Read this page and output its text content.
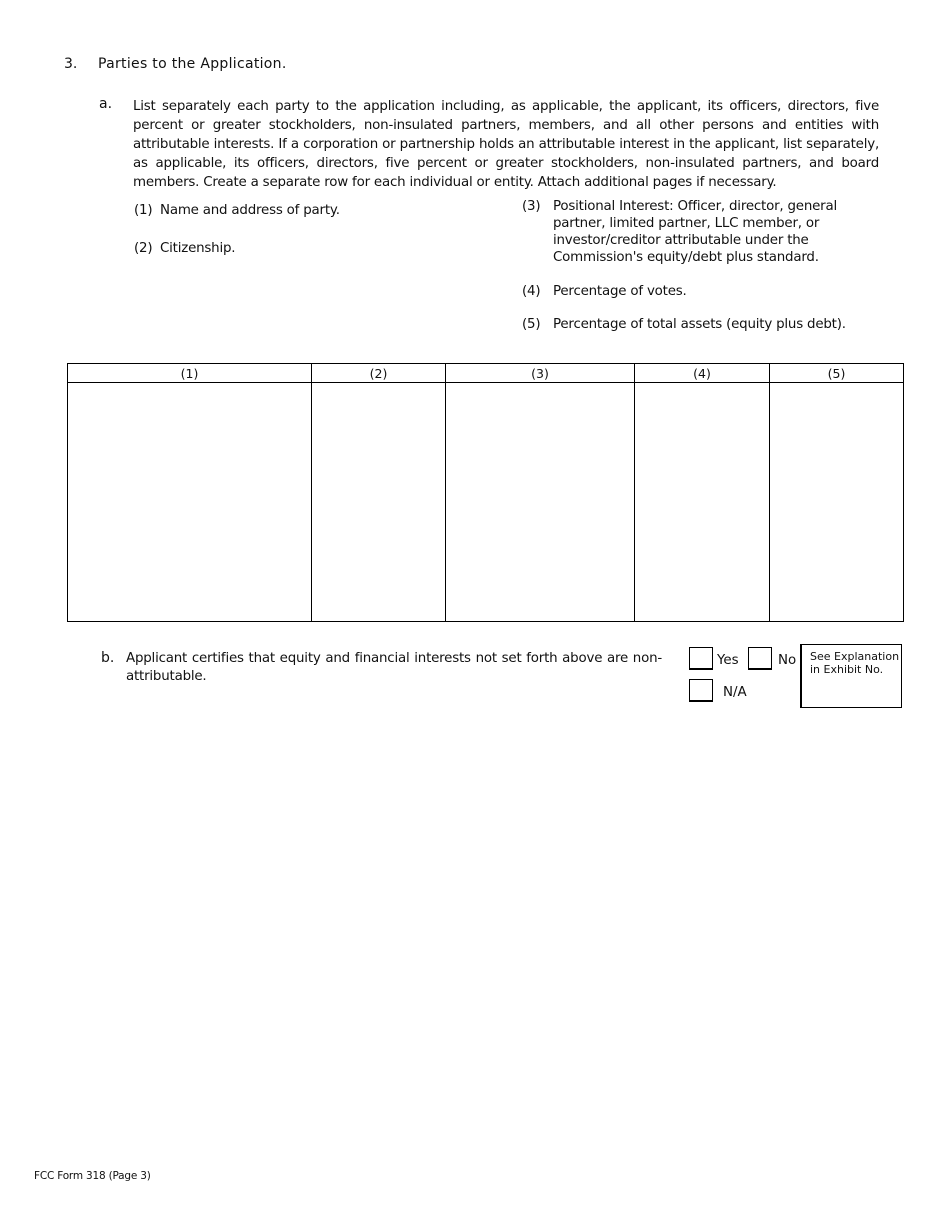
3. Parties to the Application.
a. List separately each party to the application including, as applicable, the applicant, its officers, directors, five percent or greater stockholders, non-insulated partners, members, and all other persons and entities with attributable interests. If a corporation or partnership holds an attributable interest in the applicant, list separately, as applicable, its officers, directors, five percent or greater stockholders, non-insulated partners, and board members. Create a separate row for each individual or entity. Attach additional pages if necessary.
(1) Name and address of party.
(2) Citizenship.
(3) Positional Interest: Officer, director, general partner, limited partner, LLC member, or investor/creditor attributable under the Commission's equity/debt plus standard.
(4) Percentage of votes.
(5) Percentage of total assets (equity plus debt).
(1)	(2)	(3)	(4)	(5)

b. Applicant certifies that equity and financial interests not set forth above are non-attributable.
Yes	No
N/A
See Explanation in Exhibit No.
FCC Form 318 (Page 3)
